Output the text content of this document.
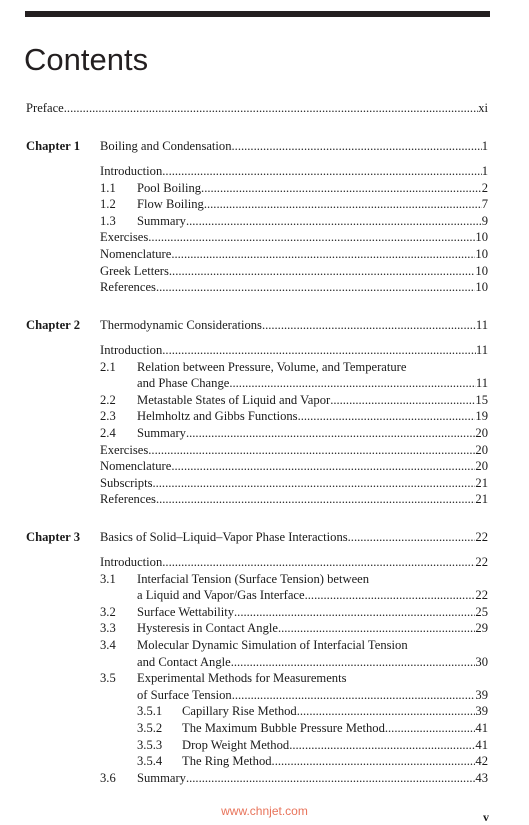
Contents
Preface .....	xi
Chapter 1 Boiling and Condensation .....	1
Introduction .....	1
1.1	Pool Boiling .....	2
1.2	Flow Boiling .....	7
1.3	Summary .....	9
Exercises .....	10
Nomenclature .....	10
Greek Letters .....	10
References .....	10
Chapter 2 Thermodynamic Considerations .....	11
Introduction .....	11
2.1	Relation between Pressure, Volume, and Temperature
and Phase Change .....	11
2.2	Metastable States of Liquid and Vapor .....	15
2.3	Helmholtz and Gibbs Functions .....	19
2.4	Summary .....	20
Exercises .....	20
Nomenclature .....	20
Subscripts .....	21
References .....	21
Chapter 3 Basics of Solid–Liquid–Vapor Phase Interactions .....	22
Introduction .....	22
3.1	Interfacial Tension (Surface Tension) between
a Liquid and Vapor/Gas Interface .....	22
3.2	Surface Wettability .....	25
3.3	Hysteresis in Contact Angle .....	29
3.4	Molecular Dynamic Simulation of Interfacial Tension
and Contact Angle .....	30
3.5	Experimental Methods for Measurements
of Surface Tension .....	39
3.5.1	Capillary Rise Method .....	39
3.5.2	The Maximum Bubble Pressure Method .....	41
3.5.3	Drop Weight Method .....	41
3.5.4	The Ring Method .....	42
3.6	Summary .....	43
www.chnjet.com	v
